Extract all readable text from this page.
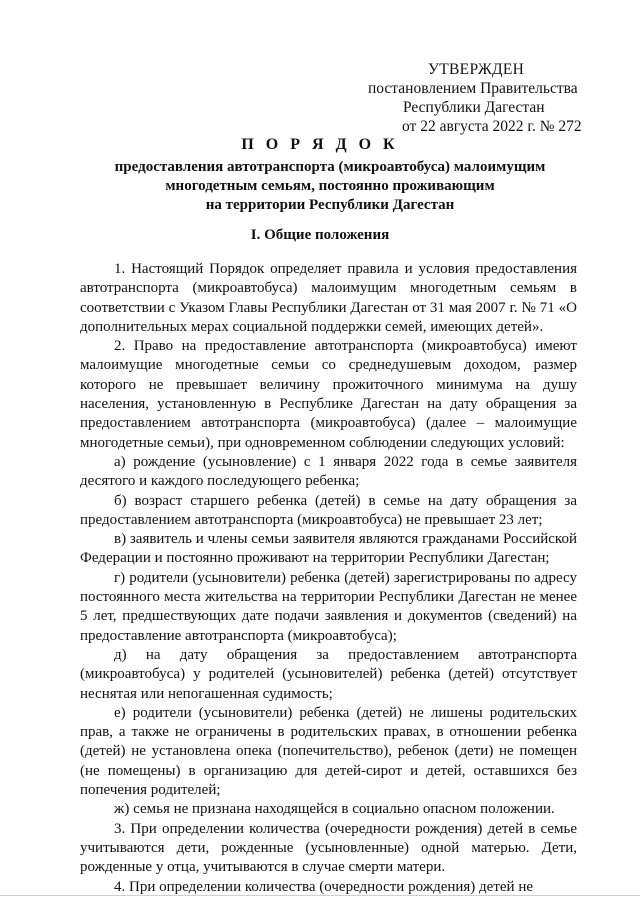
УТВЕРЖДЕН
постановлением Правительства
Республики Дагестан
от 22 августа 2022 г. № 272
П О Р Я Д О К
предоставления автотранспорта (микроавтобуса) малоимущим
многодетным семьям, постоянно проживающим
на территории Республики Дагестан
I. Общие положения

1. Настоящий Порядок определяет правила и условия предоставления автотранспорта (микроавтобуса) малоимущим многодетным семьям в соответствии с Указом Главы Республики Дагестан от 31 мая 2007 г. № 71 «О дополнительных мерах социальной поддержки семей, имеющих детей».

2. Право на предоставление автотранспорта (микроавтобуса) имеют малоимущие многодетные семьи со среднедушевым доходом, размер которого не превышает величину прожиточного минимума на душу населения, установленную в Республике Дагестан на дату обращения за предоставлением автотранспорта (микроавтобуса) (далее – малоимущие многодетные семьи), при одновременном соблюдении следующих условий:

а) рождение (усыновление) с 1 января 2022 года в семье заявителя десятого и каждого последующего ребенка;

б) возраст старшего ребенка (детей) в семье на дату обращения за предоставлением автотранспорта (микроавтобуса) не превышает 23 лет;

в) заявитель и члены семьи заявителя являются гражданами Российской Федерации и постоянно проживают на территории Республики Дагестан;

г) родители (усыновители) ребенка (детей) зарегистрированы по адресу постоянного места жительства на территории Республики Дагестан не менее 5 лет, предшествующих дате подачи заявления и документов (сведений) на предоставление автотранспорта (микроавтобуса);

д) на дату обращения за предоставлением автотранспорта (микроавтобуса) у родителей (усыновителей) ребенка (детей) отсутствует неснятая или непогашенная судимость;

е) родители (усыновители) ребенка (детей) не лишены родительских прав, а также не ограничены в родительских правах, в отношении ребенка (детей) не установлена опека (попечительство), ребенок (дети) не помещен (не помещены) в организацию для детей-сирот и детей, оставшихся без попечения родителей;

ж) семья не признана находящейся в социально опасном положении.

3. При определении количества (очередности рождения) детей в семье учитываются дети, рожденные (усыновленные) одной матерью. Дети, рожденные у отца, учитываются в случае смерти матери.

4. При определении количества (очередности рождения) детей не
